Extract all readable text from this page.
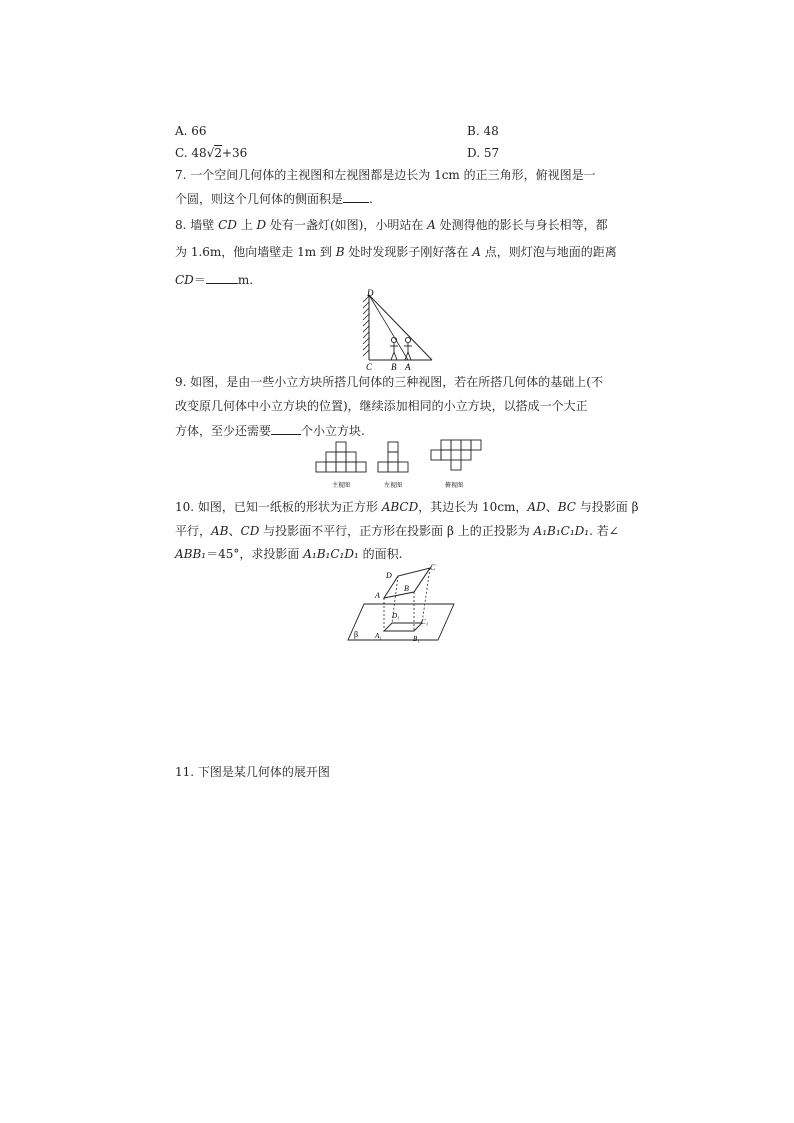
A. 66	B. 48
C. 48√2+36	D. 57
7. 一个空间几何体的主视图和左视图都是边长为 1cm 的正三角形，俯视图是一
个圆，则这个几何体的侧面积是 .
8. 墙壁 CD 上 D 处有一盏灯(如图)，小明站在 A 处测得他的影长与身长相等，都
为 1.6m，他向墙壁走 1m 到 B 处时发现影子刚好落在 A 点，则灯泡与地面的距离
CD＝	m.
D
C B A
9. 如图，是由一些小立方块所搭几何体的三种视图，若在所搭几何体的基础上(不
改变原几何体中小立方块的位置)，继续添加相同的小立方块，以搭成一个大正
方体，至少还需要	个小立方块.
主视图	左视图	俯视图
10. 如图，已知一纸板的形状为正方形 ABCD，其边长为 10cm，AD、BC 与投影面 β
平行，AB、CD 与投影面不平行，正方形在投影面 β 上的正投影为 A₁B₁C₁D₁. 若∠
ABB₁＝45°，求投影面 A₁B₁C₁D₁ 的面积.
D
C
A
B
D₁
C₁
A₁	B₁
β
11. 下图是某几何体的展开图
